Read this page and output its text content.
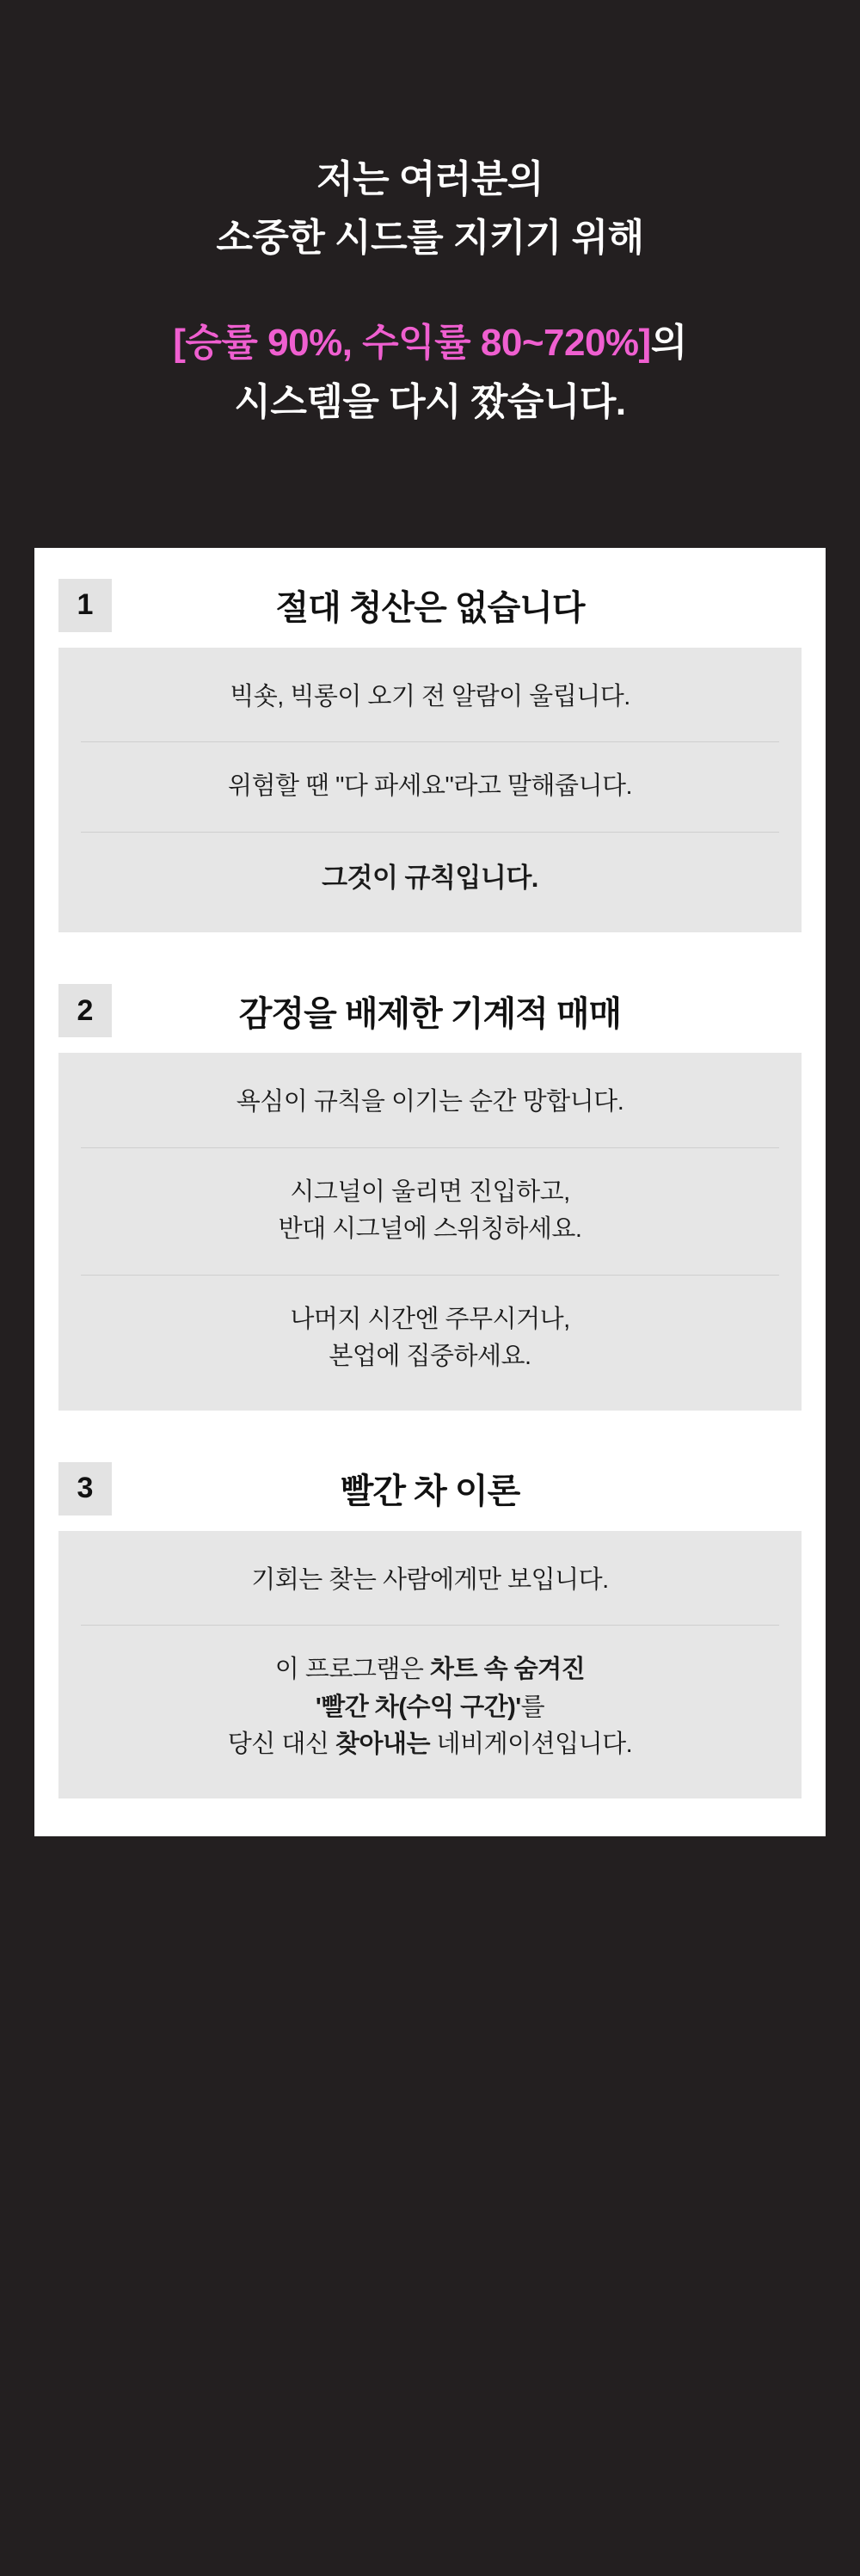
저는 여러분의
소중한 시드를 지키기 위해
[승률 90%, 수익률 80~720%]의
시스템을 다시 짰습니다.
1	절대 청산은 없습니다
빅숏, 빅롱이 오기 전 알람이 울립니다.
위험할 땐 "다 파세요"라고 말해줍니다.
그것이 규칙입니다.
2	감정을 배제한 기계적 매매
욕심이 규칙을 이기는 순간 망합니다.
시그널이 울리면 진입하고,
반대 시그널에 스위칭하세요.
나머지 시간엔 주무시거나,
본업에 집중하세요.
3	빨간 차 이론
기회는 찾는 사람에게만 보입니다.
이 프로그램은 차트 속 숨겨진
'빨간 차(수익 구간)'를
당신 대신 찾아내는 네비게이션입니다.
